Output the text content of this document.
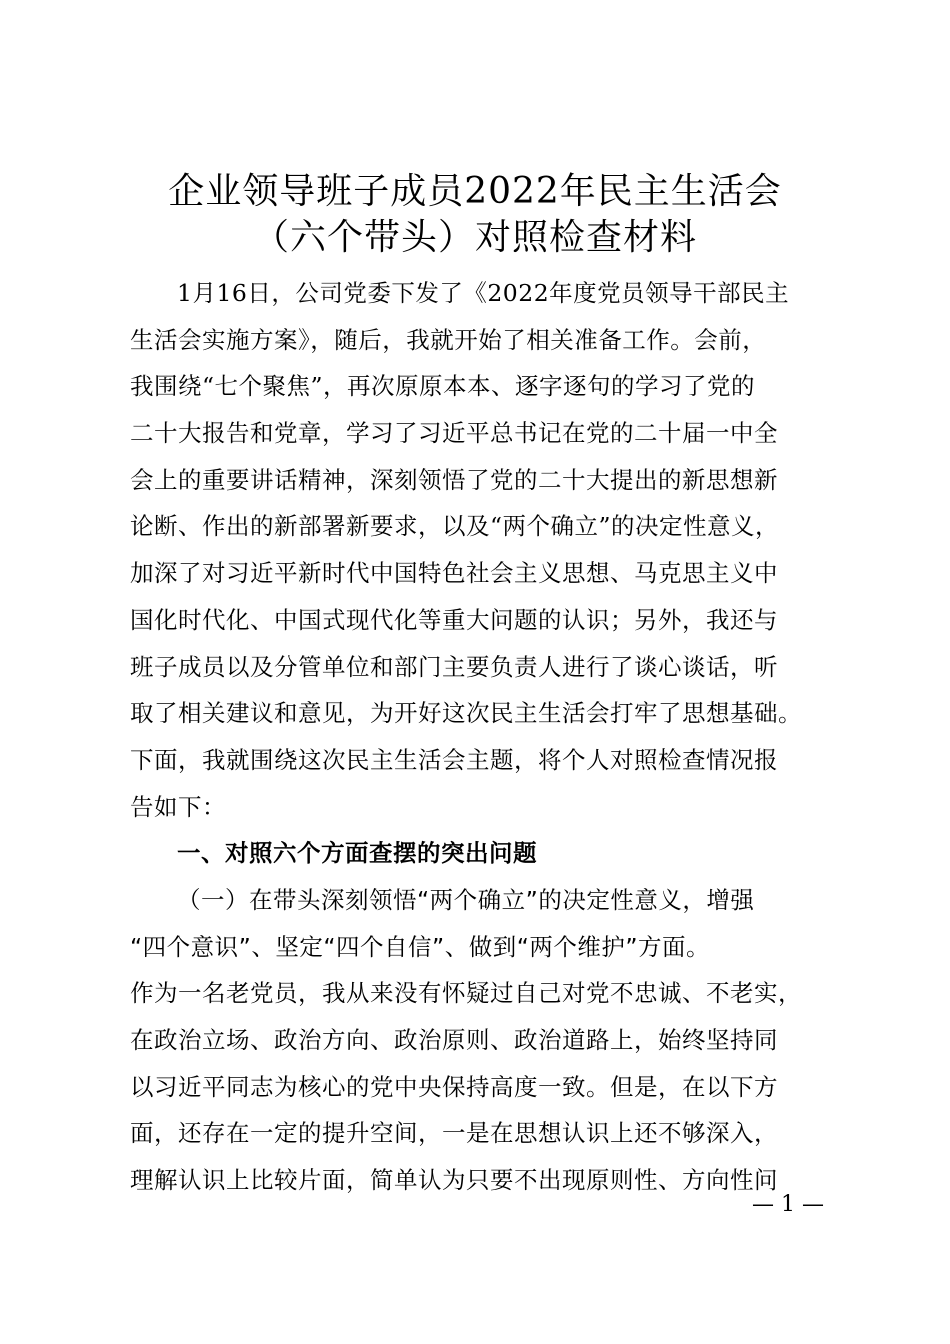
企业领导班子成员2022年民主生活会
（六个带头）对照检查材料
1月16日，公司党委下发了《2022年度党员领导干部民主
生活会实施方案》，随后，我就开始了相关准备工作。会前，
我围绕“七个聚焦”，再次原原本本、逐字逐句的学习了党的
二十大报告和党章，学习了习近平总书记在党的二十届一中全
会上的重要讲话精神，深刻领悟了党的二十大提出的新思想新
论断、作出的新部署新要求，以及“两个确立”的决定性意义，
加深了对习近平新时代中国特色社会主义思想、马克思主义中
国化时代化、中国式现代化等重大问题的认识；另外，我还与
班子成员以及分管单位和部门主要负责人进行了谈心谈话，听
取了相关建议和意见，为开好这次民主生活会打牢了思想基础。
下面，我就围绕这次民主生活会主题，将个人对照检查情况报
告如下：
一、对照六个方面查摆的突出问题
（一）在带头深刻领悟“两个确立”的决定性意义，增强
“四个意识”、坚定“四个自信”、做到“两个维护”方面。
作为一名老党员，我从来没有怀疑过自己对党不忠诚、不老实，
在政治立场、政治方向、政治原则、政治道路上，始终坚持同
以习近平同志为核心的党中央保持高度一致。但是，在以下方
面，还存在一定的提升空间，一是在思想认识上还不够深入，
理解认识上比较片面，简单认为只要不出现原则性、方向性问
— 1 —
